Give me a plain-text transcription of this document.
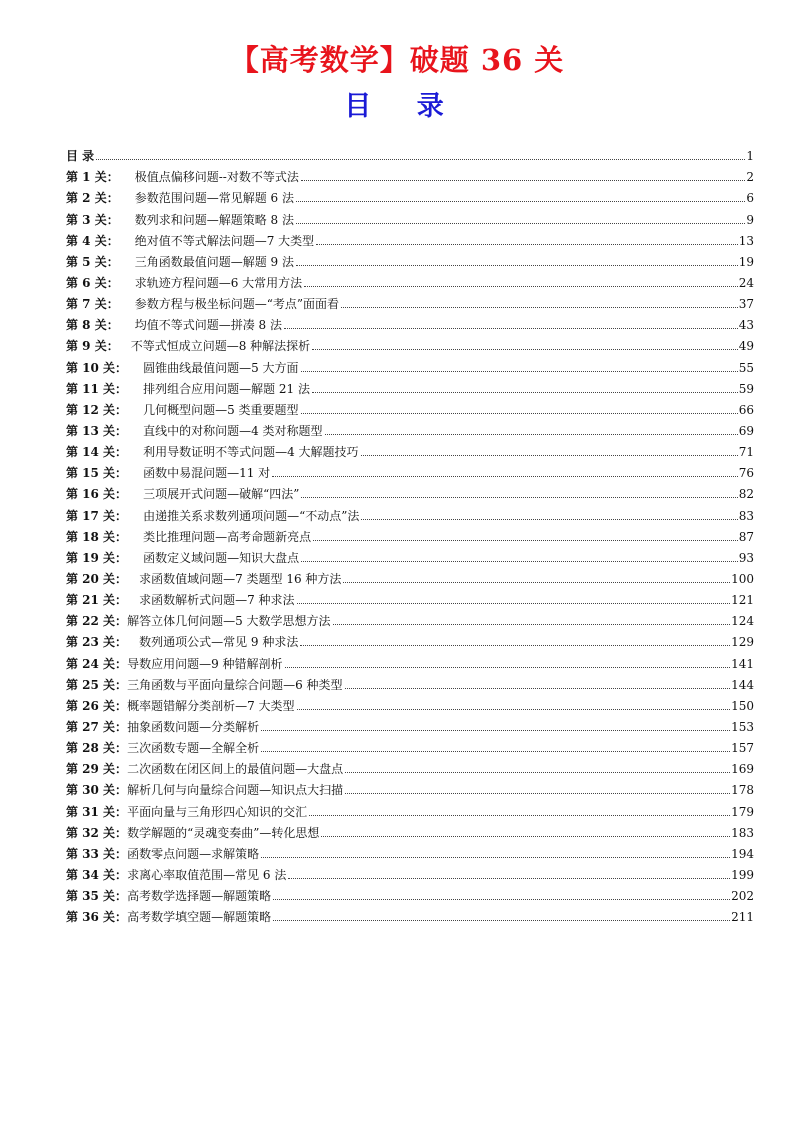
【高考数学】破题 36 关
目 录
目 录	1
第 1 关： 极值点偏移问题--对数不等式法	2
第 2 关： 参数范围问题—常见解题 6 法	6
第 3 关： 数列求和问题—解题策略 8 法	9
第 4 关： 绝对值不等式解法问题—7 大类型	13
第 5 关： 三角函数最值问题—解题 9 法	19
第 6 关： 求轨迹方程问题—6 大常用方法	24
第 7 关： 参数方程与极坐标问题—“考点”面面看	37
第 8 关： 均值不等式问题—拼凑 8 法	43
第 9 关： 不等式恒成立问题—8 种解法探析	49
第 10 关： 圆锥曲线最值问题—5 大方面	55
第 11 关： 排列组合应用问题—解题 21 法	59
第 12 关： 几何概型问题—5 类重要题型	66
第 13 关： 直线中的对称问题—4 类对称题型	69
第 14 关： 利用导数证明不等式问题—4 大解题技巧	71
第 15 关： 函数中易混问题—11 对	76
第 16 关： 三项展开式问题—破解“四法”	82
第 17 关： 由递推关系求数列通项问题—“不动点”法	83
第 18 关： 类比推理问题—高考命题新亮点	87
第 19 关： 函数定义域问题—知识大盘点	93
第 20 关： 求函数值域问题—7 类题型 16 种方法	100
第 21 关： 求函数解析式问题—7 种求法	121
第 22 关： 解答立体几何问题—5 大数学思想方法	124
第 23 关： 数列通项公式—常见 9 种求法	129
第 24 关： 导数应用问题—9 种错解剖析	141
第 25 关： 三角函数与平面向量综合问题—6 种类型	144
第 26 关： 概率题错解分类剖析—7 大类型	150
第 27 关： 抽象函数问题—分类解析	153
第 28 关： 三次函数专题—全解全析	157
第 29 关： 二次函数在闭区间上的最值问题—大盘点	169
第 30 关： 解析几何与向量综合问题—知识点大扫描	178
第 31 关： 平面向量与三角形四心知识的交汇	179
第 32 关： 数学解题的“灵魂变奏曲”—转化思想	183
第 33 关： 函数零点问题—求解策略	194
第 34 关： 求离心率取值范围—常见 6 法	199
第 35 关： 高考数学选择题—解题策略	202
第 36 关： 高考数学填空题—解题策略	211
